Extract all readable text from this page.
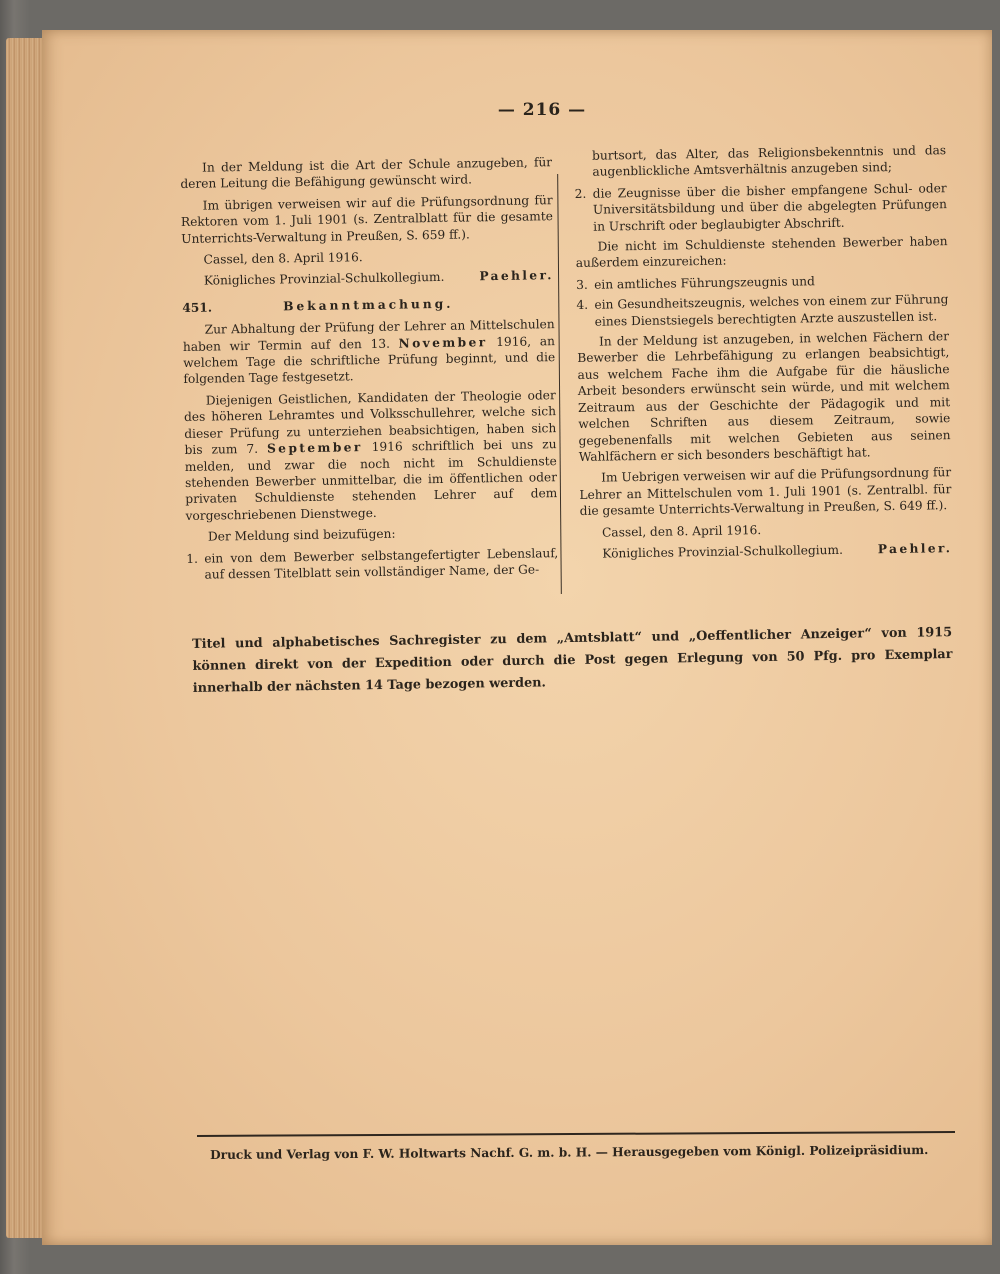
— 216 —

In der Meldung ist die Art der Schule anzugeben, für deren Leitung die Befähigung gewünscht wird.

Im übrigen verweisen wir auf die Prüfungsordnung für Rektoren vom 1. Juli 1901 (s. Zentralblatt für die gesamte Unterrichts-Verwaltung in Preußen, S. 659 ff.).

Cassel, den 8. April 1916.

Königliches Provinzial-Schulkollegium.	Paehler.
451.	Bekanntmachung.

Zur Abhaltung der Prüfung der Lehrer an Mittelschulen haben wir Termin auf den 13. November 1916, an welchem Tage die schriftliche Prüfung beginnt, und die folgenden Tage festgesetzt.

Diejenigen Geistlichen, Kandidaten der Theologie oder des höheren Lehramtes und Volksschullehrer, welche sich dieser Prüfung zu unterziehen beabsichtigen, haben sich bis zum 7. September 1916 schriftlich bei uns zu melden, und zwar die noch nicht im Schuldienste stehenden Bewerber unmittelbar, die im öffentlichen oder privaten Schuldienste stehenden Lehrer auf dem vorgeschriebenen Dienstwege.

Der Meldung sind beizufügen:

1. ein von dem Bewerber selbstangefertigter Lebenslauf, auf dessen Titelblatt sein vollständiger Name, der Ge-

burtsort, das Alter, das Religionsbekenntnis und das augenblickliche Amtsverhältnis anzugeben sind;

2. die Zeugnisse über die bisher empfangene Schul- oder Universitätsbildung und über die abgelegten Prüfungen in Urschrift oder beglaubigter Abschrift.

Die nicht im Schuldienste stehenden Bewerber haben außerdem einzureichen:

3. ein amtliches Führungszeugnis und
4. ein Gesundheitszeugnis, welches von einem zur Führung eines Dienstsiegels berechtigten Arzte auszustellen ist.

In der Meldung ist anzugeben, in welchen Fächern der Bewerber die Lehrbefähigung zu erlangen beabsichtigt, aus welchem Fache ihm die Aufgabe für die häusliche Arbeit besonders erwünscht sein würde, und mit welchem Zeitraum aus der Geschichte der Pädagogik und mit welchen Schriften aus diesem Zeitraum, sowie gegebenenfalls mit welchen Gebieten aus seinen Wahlfächern er sich besonders beschäftigt hat.

Im Uebrigen verweisen wir auf die Prüfungsordnung für Lehrer an Mittelschulen vom 1. Juli 1901 (s. Zentralbl. für die gesamte Unterrichts-Verwaltung in Preußen, S. 649 ff.).

Cassel, den 8. April 1916.

Königliches Provinzial-Schulkollegium.	Paehler.
Titel und alphabetisches Sachregister zu dem „Amtsblatt“ und „Oeffentlicher Anzeiger“ von 1915 können direkt von der Expedition oder durch die Post gegen Erlegung von 50 Pfg. pro Exemplar innerhalb der nächsten 14 Tage bezogen werden.
Druck und Verlag von F. W. Holtwarts Nachf. G. m. b. H. — Herausgegeben vom Königl. Polizeipräsidium.
